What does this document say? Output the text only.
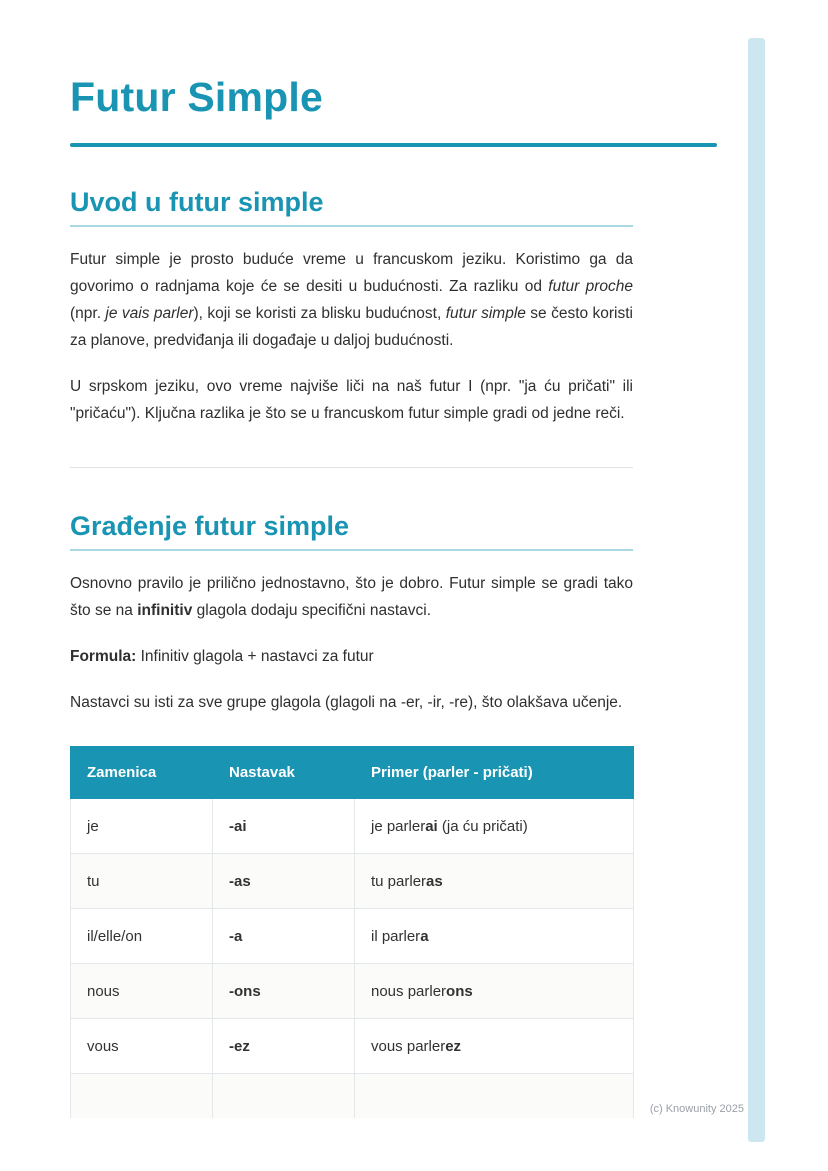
Futur Simple
Uvod u futur simple

Futur simple je prosto buduće vreme u francuskom jeziku. Koristimo ga da govorimo o radnjama koje će se desiti u budućnosti. Za razliku od futur proche (npr. je vais parler), koji se koristi za blisku budućnost, futur simple se često koristi za planove, predviđanja ili događaje u daljoj budućnosti.

U srpskom jeziku, ovo vreme najviše liči na naš futur I (npr. "ja ću pričati" ili "pričaću"). Ključna razlika je što se u francuskom futur simple gradi od jedne reči.

Građenje futur simple

Osnovno pravilo je prilično jednostavno, što je dobro. Futur simple se gradi tako što se na infinitiv glagola dodaju specifični nastavci.

Formula: Infinitiv glagola + nastavci za futur

Nastavci su isti za sve grupe glagola (glagoli na -er, -ir, -re), što olakšava učenje.

Zamenica	Nastavak	Primer (parler - pričati)
je	-ai	je parlerai (ja ću pričati)
tu	-as	tu parleras
il/elle/on	-a	il parlera
nous	-ons	nous parlerons
vous	-ez	vous parlerez

(c) Knowunity 2025
